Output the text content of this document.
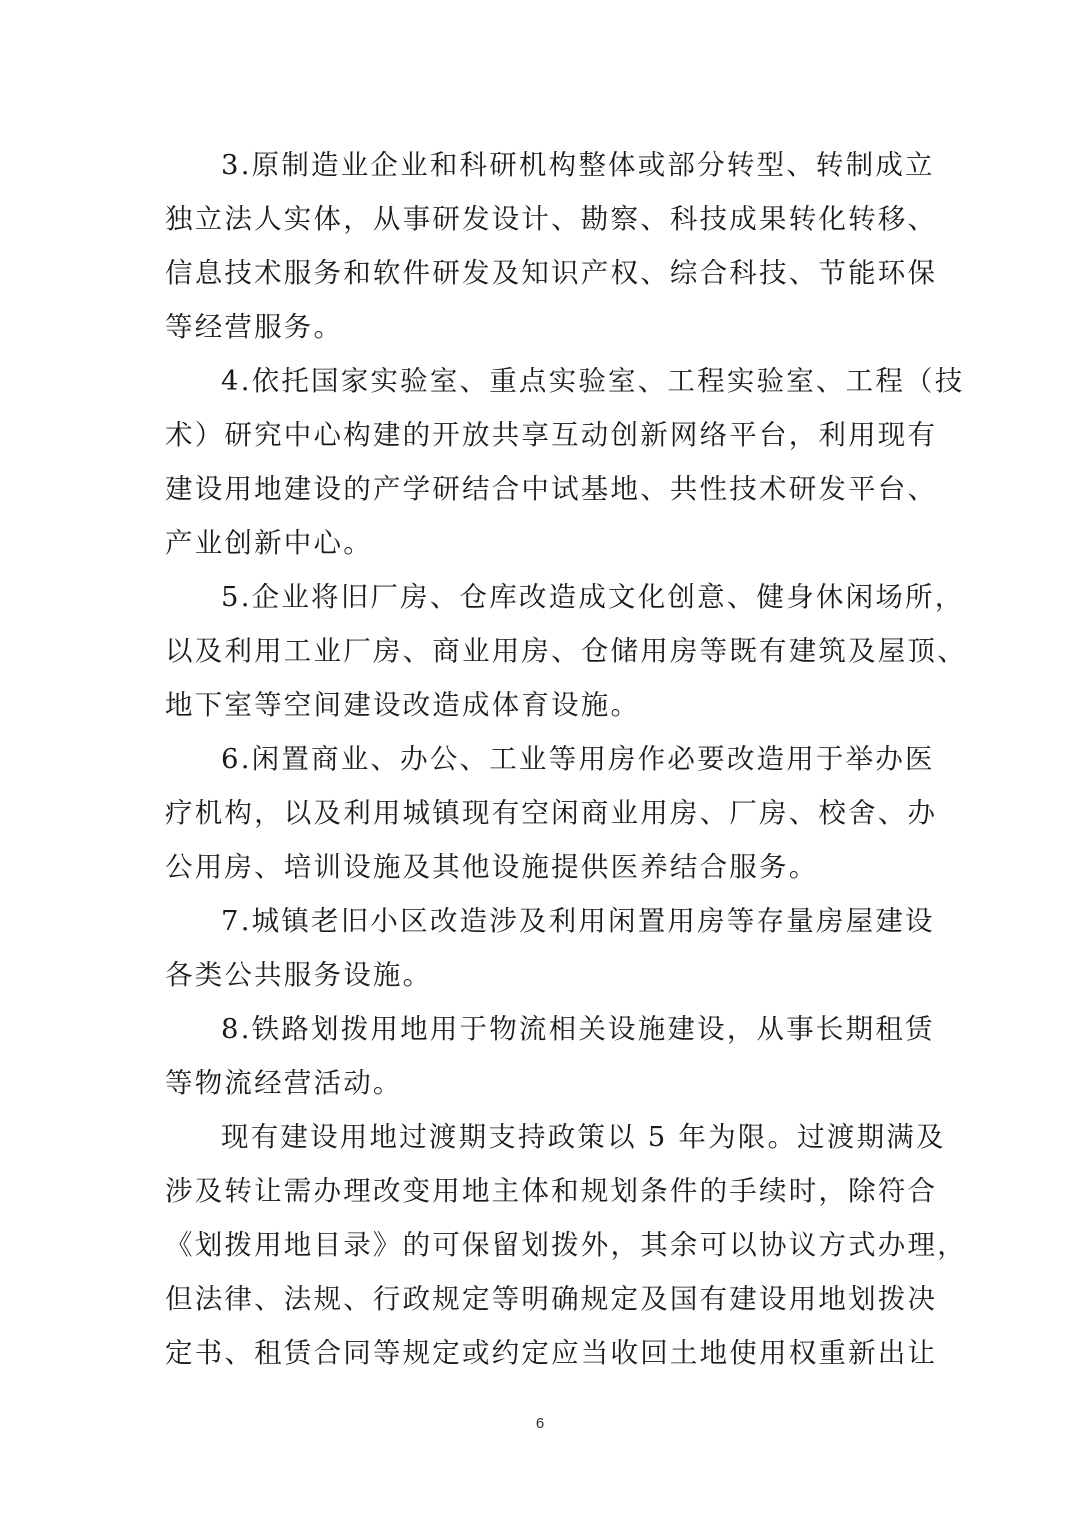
3.原制造业企业和科研机构整体或部分转型、转制成立
独立法人实体，从事研发设计、勘察、科技成果转化转移、
信息技术服务和软件研发及知识产权、综合科技、节能环保
等经营服务。
4.依托国家实验室、重点实验室、工程实验室、工程（技
术）研究中心构建的开放共享互动创新网络平台，利用现有
建设用地建设的产学研结合中试基地、共性技术研发平台、
产业创新中心。
5.企业将旧厂房、仓库改造成文化创意、健身休闲场所，
以及利用工业厂房、商业用房、仓储用房等既有建筑及屋顶、
地下室等空间建设改造成体育设施。
6.闲置商业、办公、工业等用房作必要改造用于举办医
疗机构，以及利用城镇现有空闲商业用房、厂房、校舍、办
公用房、培训设施及其他设施提供医养结合服务。
7.城镇老旧小区改造涉及利用闲置用房等存量房屋建设
各类公共服务设施。
8.铁路划拨用地用于物流相关设施建设，从事长期租赁
等物流经营活动。
现有建设用地过渡期支持政策以 5 年为限。过渡期满及
涉及转让需办理改变用地主体和规划条件的手续时，除符合
《划拨用地目录》的可保留划拨外，其余可以协议方式办理，
但法律、法规、行政规定等明确规定及国有建设用地划拨决
定书、租赁合同等规定或约定应当收回土地使用权重新出让
6
